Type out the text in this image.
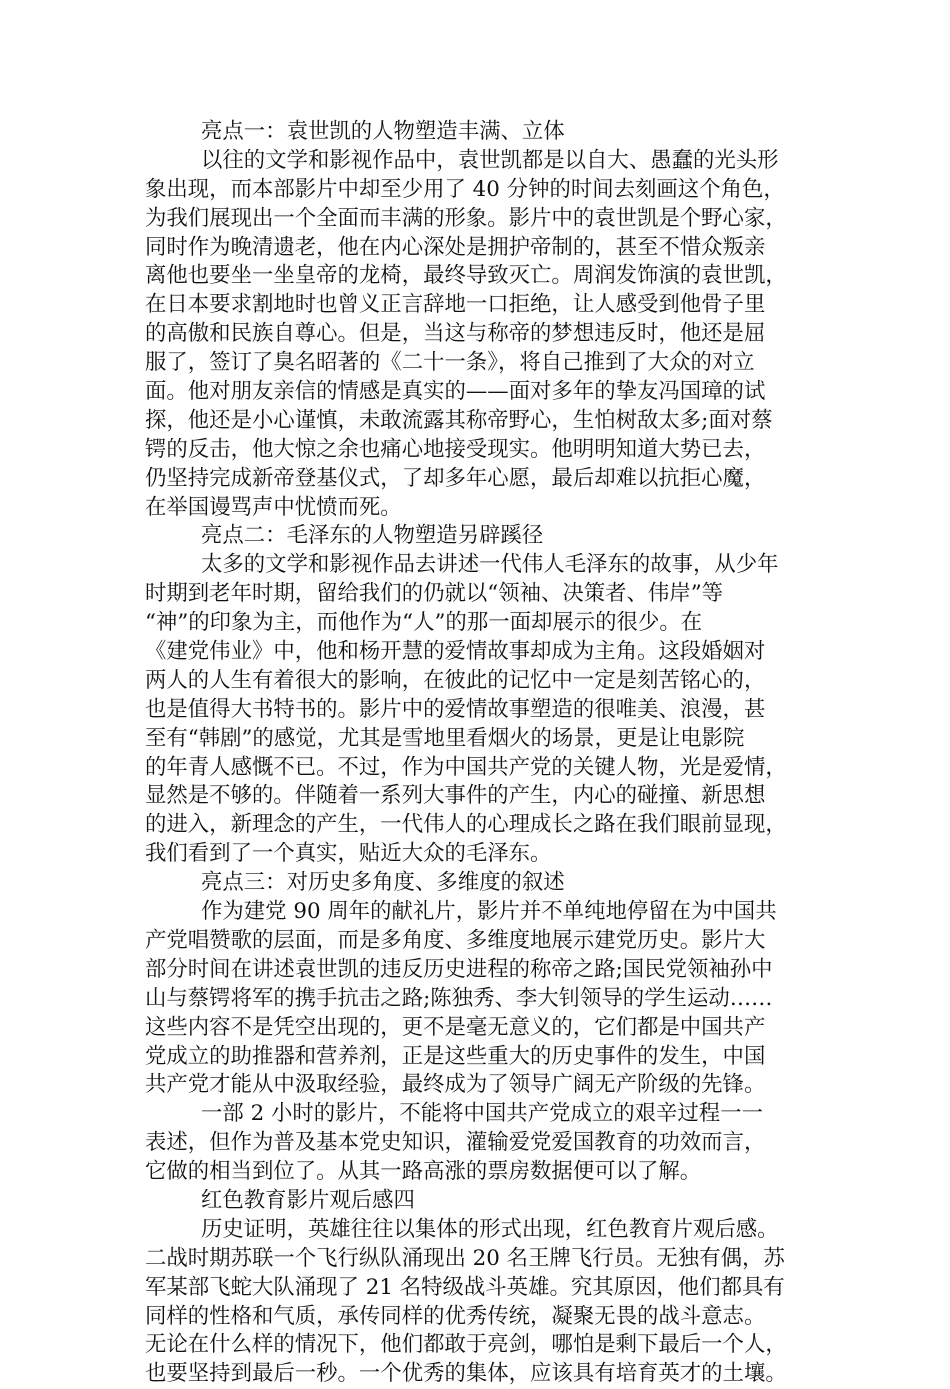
亮点一：袁世凯的人物塑造丰满、立体
以往的文学和影视作品中，袁世凯都是以自大、愚蠢的光头形
象出现，而本部影片中却至少用了 40 分钟的时间去刻画这个角色，
为我们展现出一个全面而丰满的形象。影片中的袁世凯是个野心家，
同时作为晚清遗老，他在内心深处是拥护帝制的，甚至不惜众叛亲
离他也要坐一坐皇帝的龙椅，最终导致灭亡。周润发饰演的袁世凯，
在日本要求割地时也曾义正言辞地一口拒绝，让人感受到他骨子里
的高傲和民族自尊心。但是，当这与称帝的梦想违反时，他还是屈
服了，签订了臭名昭著的《二十一条》，将自己推到了大众的对立
面。他对朋友亲信的情感是真实的——面对多年的挚友冯国璋的试
探，他还是小心谨慎，未敢流露其称帝野心，生怕树敌太多;面对蔡
锷的反击，他大惊之余也痛心地接受现实。他明明知道大势已去，
仍坚持完成新帝登基仪式，了却多年心愿，最后却难以抗拒心魔，
在举国谩骂声中忧愤而死。
亮点二：毛泽东的人物塑造另辟蹊径
太多的文学和影视作品去讲述一代伟人毛泽东的故事，从少年
时期到老年时期，留给我们的仍就以“领袖、决策者、伟岸”等
“神”的印象为主，而他作为“人”的那一面却展示的很少。在
《建党伟业》中，他和杨开慧的爱情故事却成为主角。这段婚姻对
两人的人生有着很大的影响，在彼此的记忆中一定是刻苦铭心的，
也是值得大书特书的。影片中的爱情故事塑造的很唯美、浪漫，甚
至有“韩剧”的感觉，尤其是雪地里看烟火的场景，更是让电影院
的年青人感慨不已。不过，作为中国共产党的关键人物，光是爱情，
显然是不够的。伴随着一系列大事件的产生，内心的碰撞、新思想
的进入，新理念的产生，一代伟人的心理成长之路在我们眼前显现，
我们看到了一个真实，贴近大众的毛泽东。
亮点三：对历史多角度、多维度的叙述
作为建党 90 周年的献礼片，影片并不单纯地停留在为中国共
产党唱赞歌的层面，而是多角度、多维度地展示建党历史。影片大
部分时间在讲述袁世凯的违反历史进程的称帝之路;国民党领袖孙中
山与蔡锷将军的携手抗击之路;陈独秀、李大钊领导的学生运动……
这些内容不是凭空出现的，更不是毫无意义的，它们都是中国共产
党成立的助推器和营养剂，正是这些重大的历史事件的发生，中国
共产党才能从中汲取经验，最终成为了领导广阔无产阶级的先锋。
一部 2 小时的影片，不能将中国共产党成立的艰辛过程一一
表述，但作为普及基本党史知识，灌输爱党爱国教育的功效而言，
它做的相当到位了。从其一路高涨的票房数据便可以了解。
红色教育影片观后感四
历史证明，英雄往往以集体的形式出现，红色教育片观后感。
二战时期苏联一个飞行纵队涌现出 20 名王牌飞行员。无独有偶，苏
军某部飞蛇大队涌现了 21 名特级战斗英雄。究其原因，他们都具有
同样的性格和气质，承传同样的优秀传统，凝聚无畏的战斗意志。
无论在什么样的情况下，他们都敢于亮剑，哪怕是剩下最后一个人，
也要坚持到最后一秒。一个优秀的集体，应该具有培育英才的土壤。
